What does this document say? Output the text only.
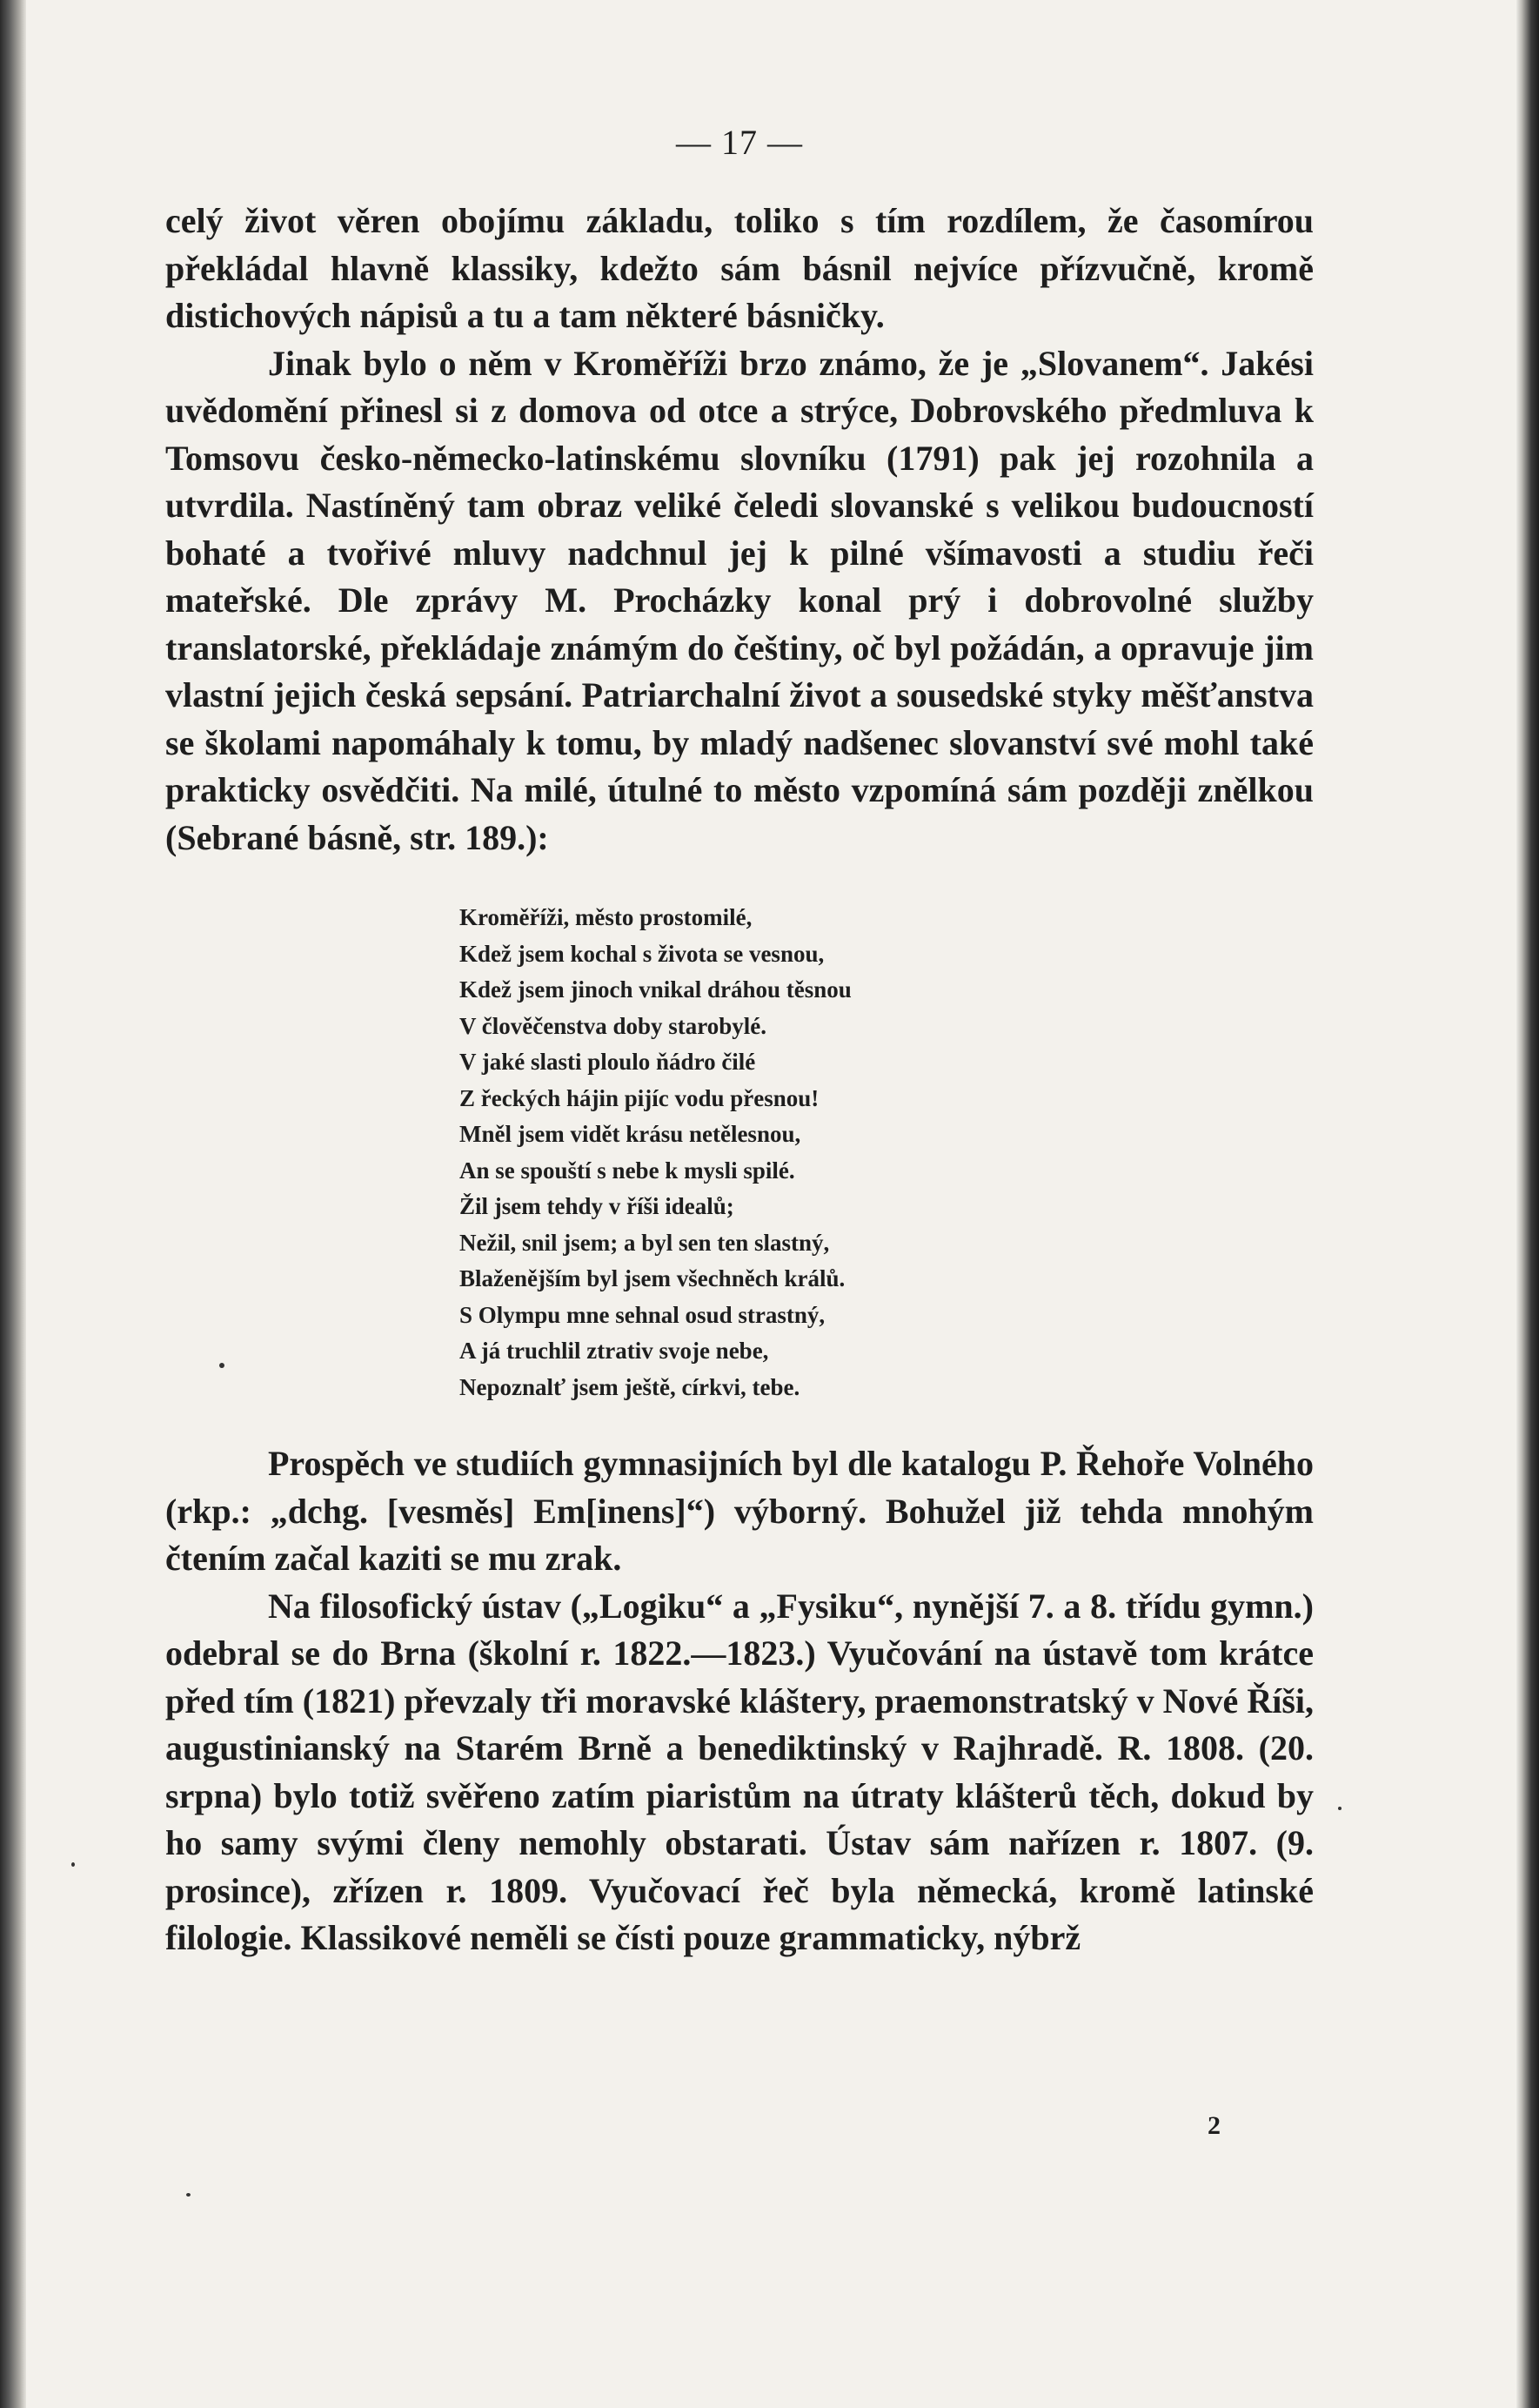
— 17 —

celý život věren obojímu základu, toliko s tím rozdílem, že časomírou překládal hlavně klassiky, kdežto sám básnil nejvíce přízvučně, kromě distichových nápisů a tu a tam některé básničky.

Jinak bylo o něm v Kroměříži brzo známo, že je „Slovanem“. Jakési uvědomění přinesl si z domova od otce a strýce, Dobrovského předmluva k Tomsovu česko-německo-latinskému slovníku (1791) pak jej rozohnila a utvrdila. Nastíněný tam obraz veliké čeledi slovanské s velikou budoucností bohaté a tvořivé mluvy nadchnul jej k pilné všímavosti a studiu řeči mateřské. Dle zprávy M. Procházky konal prý i dobrovolné služby translatorské, překládaje známým do češtiny, oč byl požádán, a opravuje jim vlastní jejich česká sepsání. Patriarchalní život a sousedské styky měšťanstva se školami napomáhaly k tomu, by mladý nadšenec slovanství své mohl také prakticky osvědčiti. Na milé, útulné to město vzpomíná sám později znělkou (Sebrané básně, str. 189.):

Kroměříži, město prostomilé,
Kdež jsem kochal s života se vesnou,
Kdež jsem jinoch vnikal dráhou těsnou
V člověčenstva doby starobylé.
V jaké slasti ploulo ňádro čilé
Z řeckých hájin pijíc vodu přesnou!
Mněl jsem vidět krásu netělesnou,
An se spouští s nebe k mysli spilé.
Žil jsem tehdy v říši idealů;
Nežil, snil jsem; a byl sen ten slastný,
Blaženějším byl jsem všechněch králů.
S Olympu mne sehnal osud strastný,
A já truchlil ztrativ svoje nebe,
Nepoznalť jsem ještě, církvi, tebe.

Prospěch ve studiích gymnasijních byl dle katalogu P. Řehoře Volného (rkp.: „dchg. [vesměs] Em[inens]“) výborný. Bohužel již tehda mnohým čtením začal kaziti se mu zrak.

Na filosofický ústav („Logiku“ a „Fysiku“, nynější 7. a 8. třídu gymn.) odebral se do Brna (školní r. 1822.—1823.) Vyučování na ústavě tom krátce před tím (1821) převzaly tři moravské kláštery, praemonstratský v Nové Říši, augustinianský na Starém Brně a benediktinský v Rajhradě. R. 1808. (20. srpna) bylo totiž svěřeno zatím piaristům na útraty klášterů těch, dokud by ho samy svými členy nemohly obstarati. Ústav sám nařízen r. 1807. (9. prosince), zřízen r. 1809. Vyučovací řeč byla německá, kromě latinské filologie. Klassikové neměli se čísti pouze grammaticky, nýbrž

2
